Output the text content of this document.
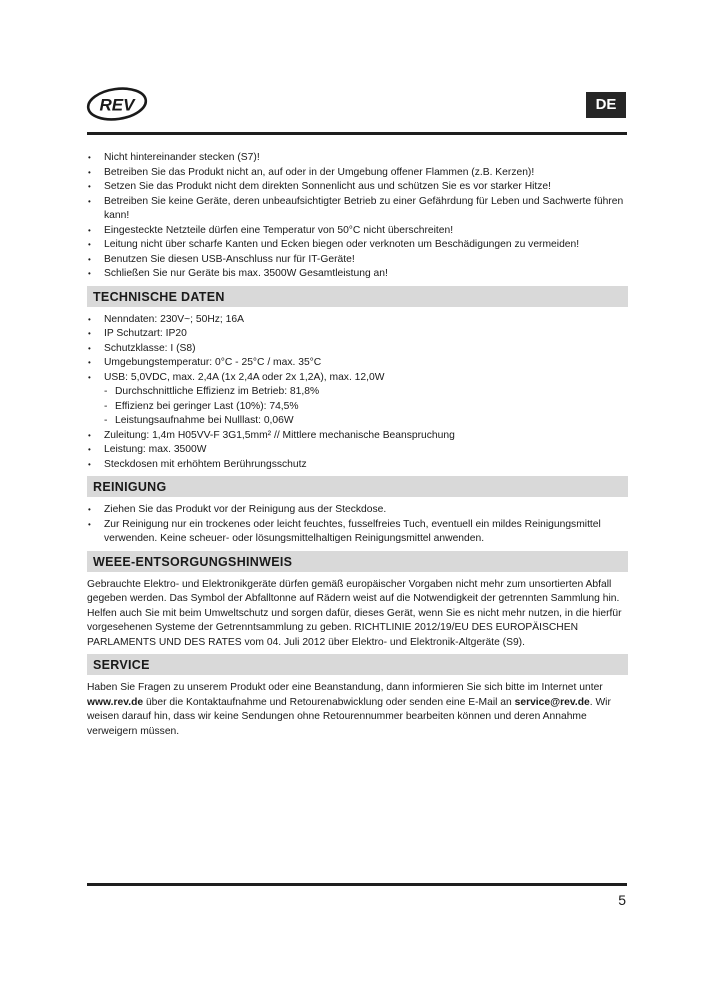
REV	DE
• Nicht hintereinander stecken (S7)!
• Betreiben Sie das Produkt nicht an, auf oder in der Umgebung offener Flammen (z.B. Kerzen)!
• Setzen Sie das Produkt nicht dem direkten Sonnenlicht aus und schützen Sie es vor starker Hitze!
• Betreiben Sie keine Geräte, deren unbeaufsichtigter Betrieb zu einer Gefährdung für Leben und Sachwerte führen kann!
• Eingesteckte Netzteile dürfen eine Temperatur von 50°C nicht überschreiten!
• Leitung nicht über scharfe Kanten und Ecken biegen oder verknoten um Beschädigungen zu vermeiden!
• Benutzen Sie diesen USB-Anschluss nur für IT-Geräte!
• Schließen Sie nur Geräte bis max. 3500W Gesamtleistung an!
TECHNISCHE DATEN
• Nenndaten: 230V~; 50Hz; 16A
• IP Schutzart: IP20
• Schutzklasse: I (S8)
• Umgebungstemperatur: 0°C - 25°C / max. 35°C
• USB: 5,0VDC, max. 2,4A (1x 2,4A oder 2x 1,2A), max. 12,0W
- Durchschnittliche Effizienz im Betrieb: 81,8%
- Effizienz bei geringer Last (10%): 74,5%
- Leistungsaufnahme bei Nulllast: 0,06W
• Zuleitung: 1,4m H05VV-F 3G1,5mm² // Mittlere mechanische Beanspruchung
• Leistung: max. 3500W
• Steckdosen mit erhöhtem Berührungsschutz
REINIGUNG
• Ziehen Sie das Produkt vor der Reinigung aus der Steckdose.
• Zur Reinigung nur ein trockenes oder leicht feuchtes, fusselfreies Tuch, eventuell ein mildes Reinigungsmittel verwenden. Keine scheuer- oder lösungsmittelhaltigen Reinigungsmittel anwenden.
WEEE-ENTSORGUNGSHINWEIS

Gebrauchte Elektro- und Elektronikgeräte dürfen gemäß europäischer Vorgaben nicht mehr zum unsortierten Abfall gegeben werden. Das Symbol der Abfalltonne auf Rädern weist auf die Notwendigkeit der getrennten Sammlung hin. Helfen auch Sie mit beim Umweltschutz und sorgen dafür, dieses Gerät, wenn Sie es nicht mehr nutzen, in die hierfür vorgesehenen Systeme der Getrenntsammlung zu geben. RICHTLINIE 2012/19/EU DES EUROPÄISCHEN PARLAMENTS UND DES RATES vom 04. Juli 2012 über Elektro- und Elektronik-Altgeräte (S9).

SERVICE

Haben Sie Fragen zu unserem Produkt oder eine Beanstandung, dann informieren Sie sich bitte im Internet unter www.rev.de über die Kontaktaufnahme und Retourenabwicklung oder senden eine E-Mail an service@rev.de. Wir weisen darauf hin, dass wir keine Sendungen ohne Retourennummer bearbeiten können und deren Annahme verweigern müssen.

5
